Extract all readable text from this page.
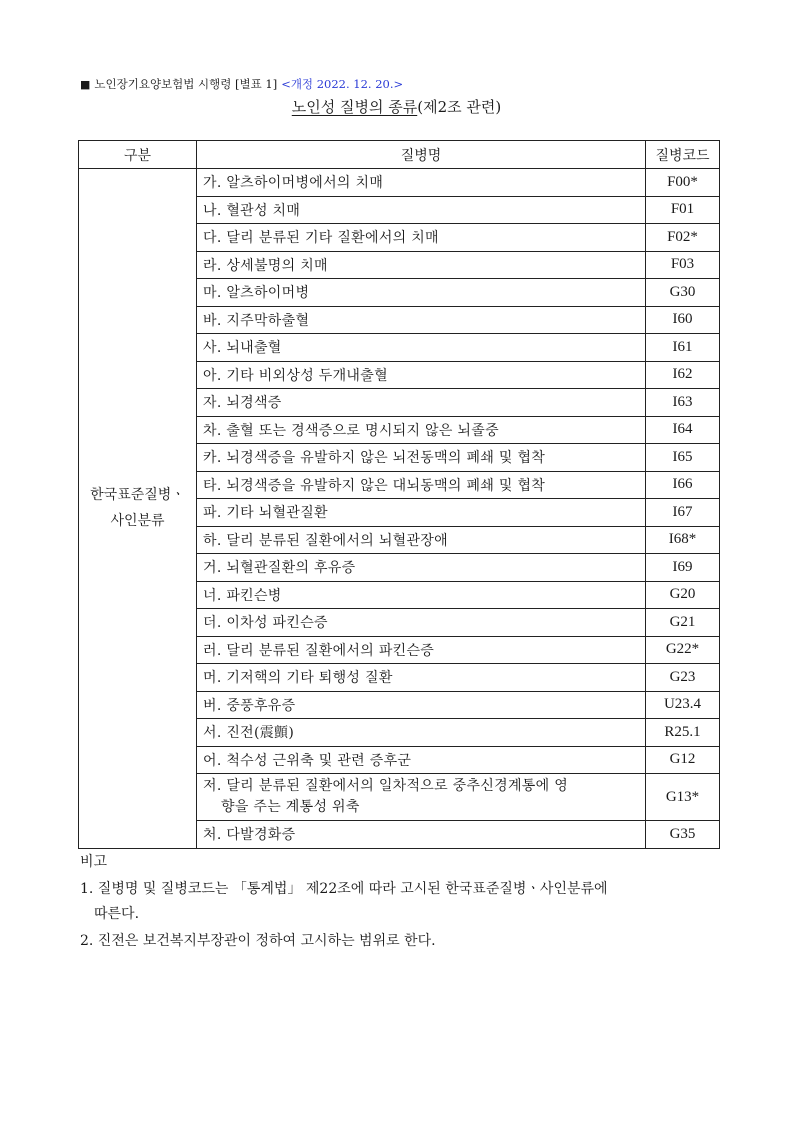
■ 노인장기요양보험법 시행령 [별표 1] <개정 2022. 12. 20.>
노인성 질병의 종류(제2조 관련)
구분	질병명	질병코드

한국표준질병ㆍ
사인분류	가. 알츠하이머병에서의 치매	F00*
	나. 혈관성 치매	F01
	다. 달리 분류된 기타 질환에서의 치매	F02*
	라. 상세불명의 치매	F03
	마. 알츠하이머병	G30
	바. 지주막하출혈	I60
	사. 뇌내출혈	I61
	아. 기타 비외상성 두개내출혈	I62
	자. 뇌경색증	I63
	차. 출혈 또는 경색증으로 명시되지 않은 뇌졸중	I64
	카. 뇌경색증을 유발하지 않은 뇌전동맥의 폐쇄 및 협착	I65
	타. 뇌경색증을 유발하지 않은 대뇌동맥의 폐쇄 및 협착	I66
	파. 기타 뇌혈관질환	I67
	하. 달리 분류된 질환에서의 뇌혈관장애	I68*
	거. 뇌혈관질환의 후유증	I69
	너. 파킨슨병	G20
	더. 이차성 파킨슨증	G21
	러. 달리 분류된 질환에서의 파킨슨증	G22*
	머. 기저핵의 기타 퇴행성 질환	G23
	버. 중풍후유증	U23.4
	서. 진전(震顫)	R25.1
	어. 척수성 근위축 및 관련 증후군	G12

	저. 달리 분류된 질환에서의 일차적으로 중추신경계통에 영
향을 주는 계통성 위축	G13*
	처. 다발경화증	G35
비고
1. 질병명 및 질병코드는 「통계법」 제22조에 따라 고시된 한국표준질병ㆍ사인분류에
따른다.
2. 진전은 보건복지부장관이 정하여 고시하는 범위로 한다.
